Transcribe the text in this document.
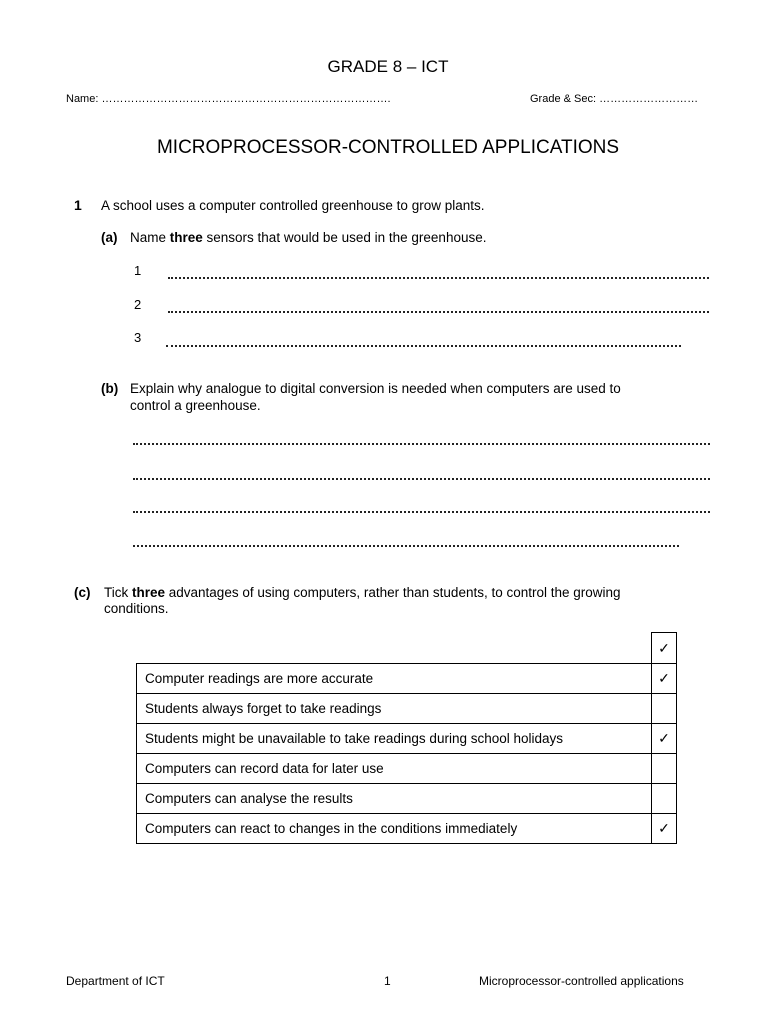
GRADE 8 – ICT
Name: …………………………………………………………………….	Grade & Sec: ………………………
MICROPROCESSOR-CONTROLLED APPLICATIONS
1 A school uses a computer controlled greenhouse to grow plants.
(a) Name three sensors that would be used in the greenhouse.
1
2
3
(b) Explain why analogue to digital conversion is needed when computers are used to
control a greenhouse.
(c) Tick three advantages of using computers, rather than students, to control the growing
conditions.
	✓
Computer readings are more accurate	✓
Students always forget to take readings	
Students might be unavailable to take readings during school holidays	✓
Computers can record data for later use	
Computers can analyse the results	
Computers can react to changes in the conditions immediately	✓
Department of ICT	1	Microprocessor-controlled applications
